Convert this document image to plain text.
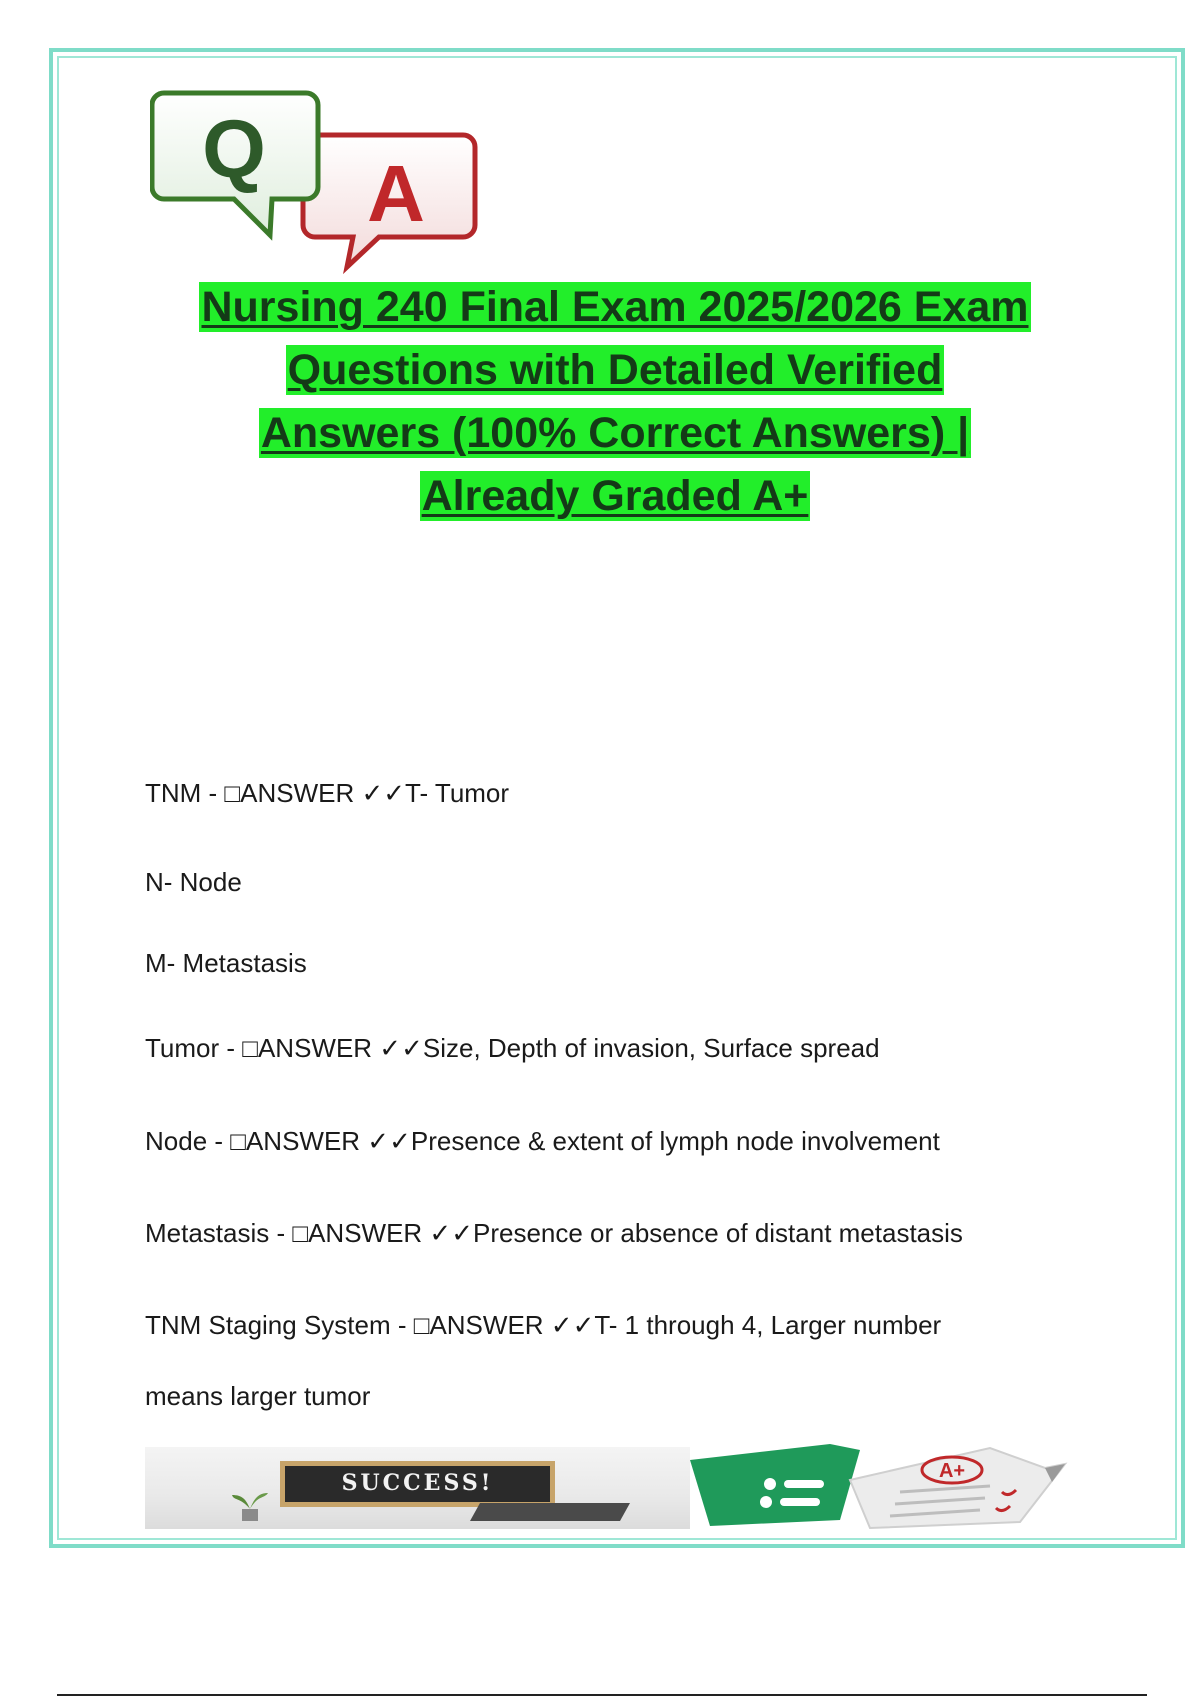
A
Q
Nursing 240 Final Exam 2025/2026 Exam
Questions with Detailed Verified
Answers (100% Correct Answers) |
Already Graded A+
TNM - □ANSWER ✓✓T- Tumor
N- Node
M- Metastasis
Tumor - □ANSWER ✓✓Size, Depth of invasion, Surface spread
Node - □ANSWER ✓✓Presence & extent of lymph node involvement
Metastasis - □ANSWER ✓✓Presence or absence of distant metastasis
TNM Staging System - □ANSWER ✓✓T- 1 through 4, Larger number
means larger tumor
SUCCESS!	A+
